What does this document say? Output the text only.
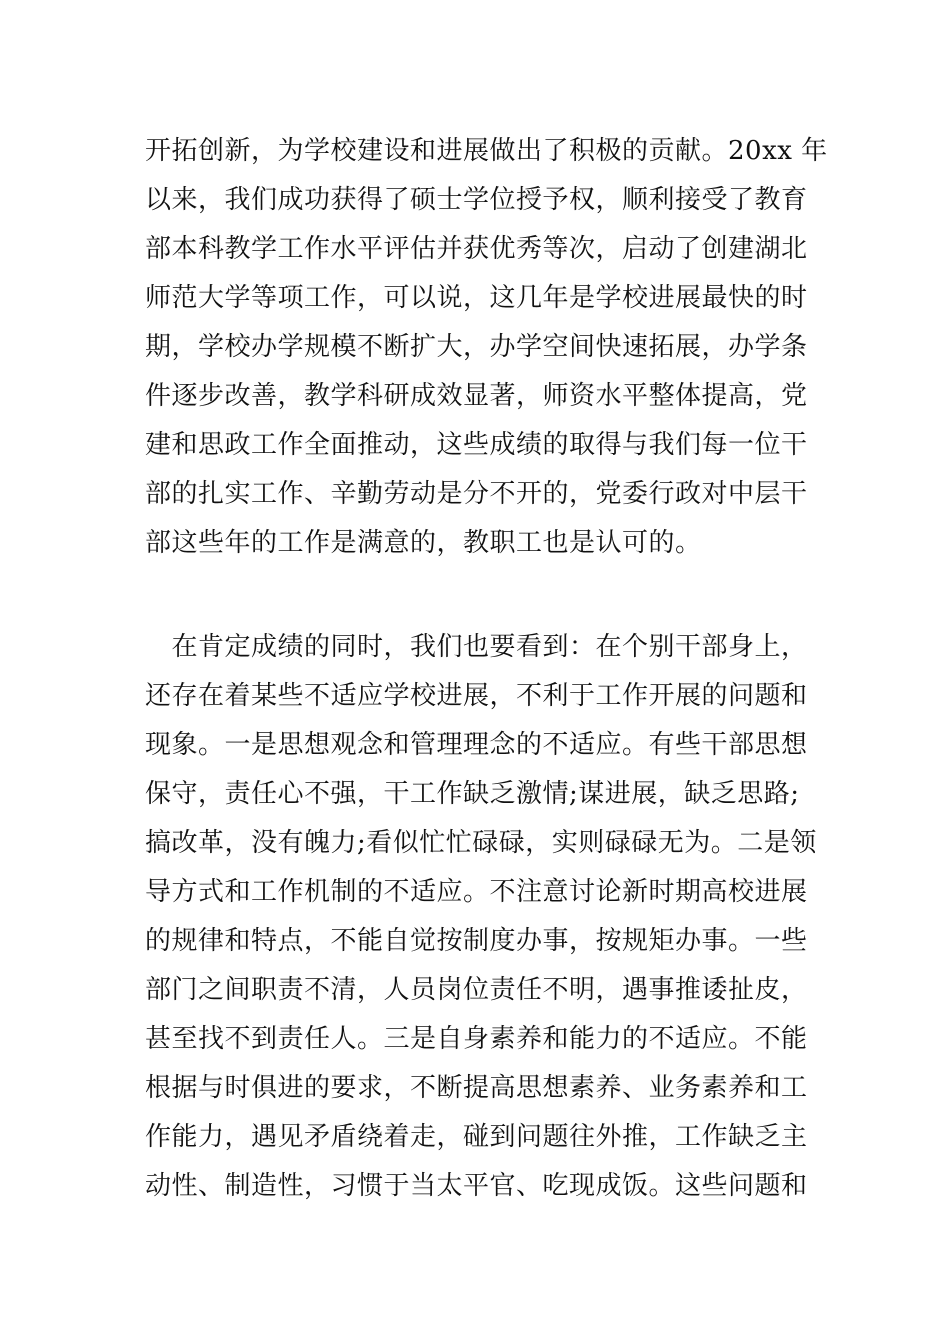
开拓创新，为学校建设和进展做出了积极的贡献。20xx 年
以来，我们成功获得了硕士学位授予权，顺利接受了教育
部本科教学工作水平评估并获优秀等次，启动了创建湖北
师范大学等项工作，可以说，这几年是学校进展最快的时
期，学校办学规模不断扩大，办学空间快速拓展，办学条
件逐步改善，教学科研成效显著，师资水平整体提高，党
建和思政工作全面推动，这些成绩的取得与我们每一位干
部的扎实工作、辛勤劳动是分不开的，党委行政对中层干
部这些年的工作是满意的，教职工也是认可的。
　在肯定成绩的同时，我们也要看到：在个别干部身上，
还存在着某些不适应学校进展，不利于工作开展的问题和
现象。一是思想观念和管理理念的不适应。有些干部思想
保守，责任心不强，干工作缺乏激情;谋进展，缺乏思路;
搞改革，没有魄力;看似忙忙碌碌，实则碌碌无为。二是领
导方式和工作机制的不适应。不注意讨论新时期高校进展
的规律和特点，不能自觉按制度办事，按规矩办事。一些
部门之间职责不清，人员岗位责任不明，遇事推诿扯皮，
甚至找不到责任人。三是自身素养和能力的不适应。不能
根据与时俱进的要求，不断提高思想素养、业务素养和工
作能力，遇见矛盾绕着走，碰到问题往外推，工作缺乏主
动性、制造性，习惯于当太平官、吃现成饭。这些问题和
